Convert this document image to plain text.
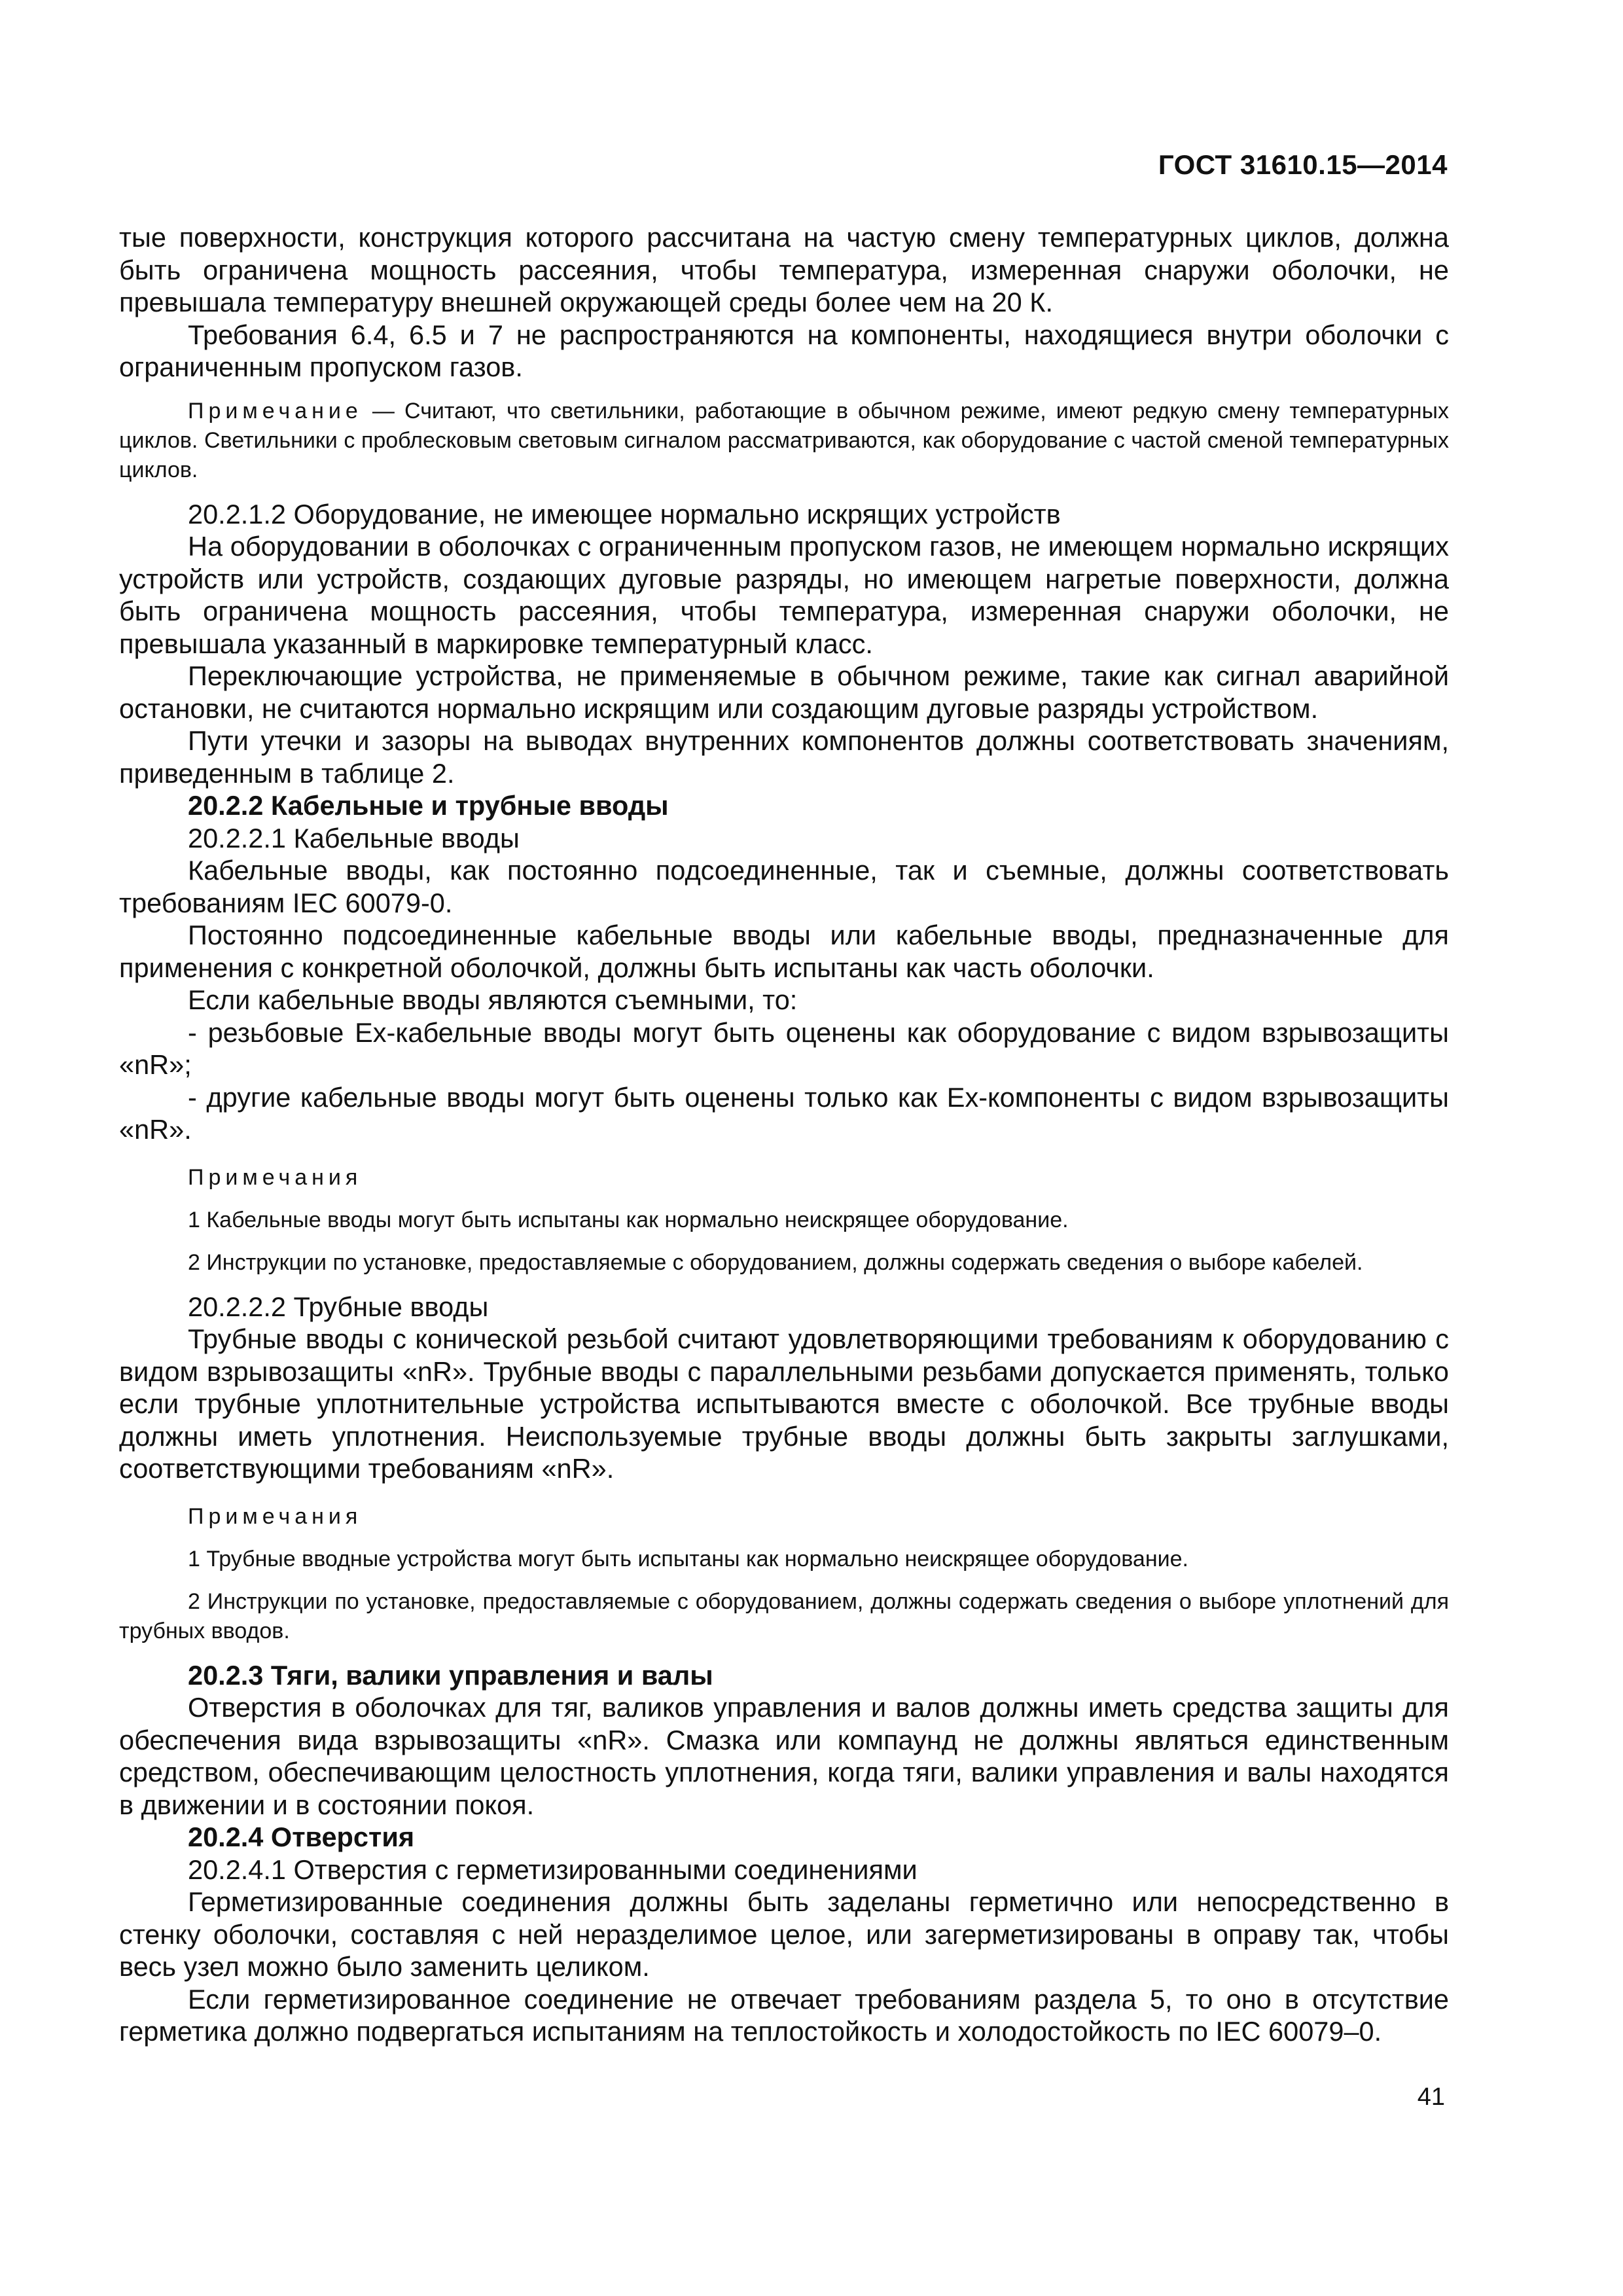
ГОСТ 31610.15—2014

тые поверхности, конструкция которого рассчитана на частую смену температурных циклов, должна быть ограничена мощность рассеяния, чтобы температура, измеренная снаружи оболочки, не превышала температуру внешней окружающей среды более чем на 20 К.

Требования 6.4, 6.5 и 7 не распространяются на компоненты, находящиеся внутри оболочки с ограниченным пропуском газов.

Примечание — Считают, что светильники, работающие в обычном режиме, имеют редкую смену температурных циклов. Светильники с проблесковым световым сигналом рассматриваются, как оборудование с частой сменой температурных циклов.

20.2.1.2 Оборудование, не имеющее нормально искрящих устройств

На оборудовании в оболочках с ограниченным пропуском газов, не имеющем нормально искрящих устройств или устройств, создающих дуговые разряды, но имеющем нагретые поверхности, должна быть ограничена мощность рассеяния, чтобы температура, измеренная снаружи оболочки, не превышала указанный в маркировке температурный класс.

Переключающие устройства, не применяемые в обычном режиме, такие как сигнал аварийной остановки, не считаются нормально искрящим или создающим дуговые разряды устройством.

Пути утечки и зазоры на выводах внутренних компонентов должны соответствовать значениям, приведенным в таблице 2.

20.2.2 Кабельные и трубные вводы

20.2.2.1 Кабельные вводы

Кабельные вводы, как постоянно подсоединенные, так и съемные, должны соответствовать требованиям IEC 60079-0.

Постоянно подсоединенные кабельные вводы или кабельные вводы, предназначенные для применения с конкретной оболочкой, должны быть испытаны как часть оболочки.

Если кабельные вводы являются съемными, то:

- резьбовые Ex-кабельные вводы могут быть оценены как оборудование с видом взрывозащиты «nR»;

- другие кабельные вводы могут быть оценены только как Ex-компоненты с видом взрывозащиты «nR».

Примечания

1 Кабельные вводы могут быть испытаны как нормально неискрящее оборудование.

2 Инструкции по установке, предоставляемые с оборудованием, должны содержать сведения о выборе кабелей.

20.2.2.2 Трубные вводы

Трубные вводы с конической резьбой считают удовлетворяющими требованиям к оборудованию с видом взрывозащиты «nR». Трубные вводы с параллельными резьбами допускается применять, только если трубные уплотнительные устройства испытываются вместе с оболочкой. Все трубные вводы должны иметь уплотнения. Неиспользуемые трубные вводы должны быть закрыты заглушками, соответствующими требованиям «nR».

Примечания

1 Трубные вводные устройства могут быть испытаны как нормально неискрящее оборудование.

2 Инструкции по установке, предоставляемые с оборудованием, должны содержать сведения о выборе уплотнений для трубных вводов.

20.2.3 Тяги, валики управления и валы

Отверстия в оболочках для тяг, валиков управления и валов должны иметь средства защиты для обеспечения вида взрывозащиты «nR». Смазка или компаунд не должны являться единственным средством, обеспечивающим целостность уплотнения, когда тяги, валики управления и валы находятся в движении и в состоянии покоя.

20.2.4 Отверстия

20.2.4.1 Отверстия с герметизированными соединениями

Герметизированные соединения должны быть заделаны герметично или непосредственно в стенку оболочки, составляя с ней неразделимое целое, или загерметизированы в оправу так, чтобы весь узел можно было заменить целиком.

Если герметизированное соединение не отвечает требованиям раздела 5, то оно в отсутствие герметика должно подвергаться испытаниям на теплостойкость и холодостойкость по IEC 60079–0.

41
